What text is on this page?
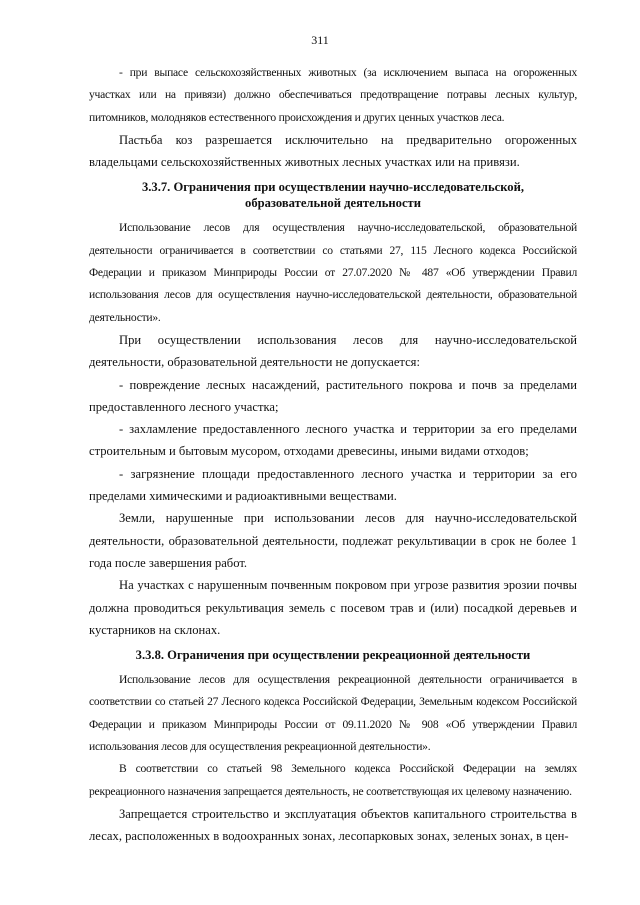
311

- при выпасе сельскохозяйственных животных (за исключением выпаса на огороженных участках или на привязи) должно обеспечиваться предотвращение потравы лесных культур, питомников, молодняков естественного происхождения и других ценных участков леса.

Пастьба коз разрешается исключительно на предварительно огороженных владельцами сельскохозяйственных животных лесных участках или на привязи.

3.3.7. Ограничения при осуществлении научно-исследовательской,
образовательной деятельности

Использование лесов для осуществления научно-исследовательской, образовательной деятельности ограничивается в соответствии со статьями 27, 115 Лесного кодекса Российской Федерации и приказом Минприроды России от 27.07.2020 № 487 «Об утверждении Правил использования лесов для осуществления научно-исследовательской деятельности, образовательной деятельности».

При осуществлении использования лесов для научно-исследовательской деятельности, образовательной деятельности не допускается:

- повреждение лесных насаждений, растительного покрова и почв за пределами предоставленного лесного участка;

- захламление предоставленного лесного участка и территории за его пределами строительным и бытовым мусором, отходами древесины, иными видами отходов;

- загрязнение площади предоставленного лесного участка и территории за его пределами химическими и радиоактивными веществами.

Земли, нарушенные при использовании лесов для научно-исследовательской деятельности, образовательной деятельности, подлежат рекультивации в срок не более 1 года после завершения работ.

На участках с нарушенным почвенным покровом при угрозе развития эрозии почвы должна проводиться рекультивация земель с посевом трав и (или) посадкой деревьев и кустарников на склонах.

3.3.8. Ограничения при осуществлении рекреационной деятельности

Использование лесов для осуществления рекреационной деятельности ограничивается в соответствии со статьей 27 Лесного кодекса Российской Федерации, Земельным кодексом Российской Федерации и приказом Минприроды России от 09.11.2020 № 908 «Об утверждении Правил использования лесов для осуществления рекреационной деятельности».

В соответствии со статьей 98 Земельного кодекса Российской Федерации на землях рекреационного назначения запрещается деятельность, не соответствующая их целевому назначению.

Запрещается строительство и эксплуатация объектов капитального строительства в лесах, расположенных в водоохранных зонах, лесопарковых зонах, зеленых зонах, в цен-
